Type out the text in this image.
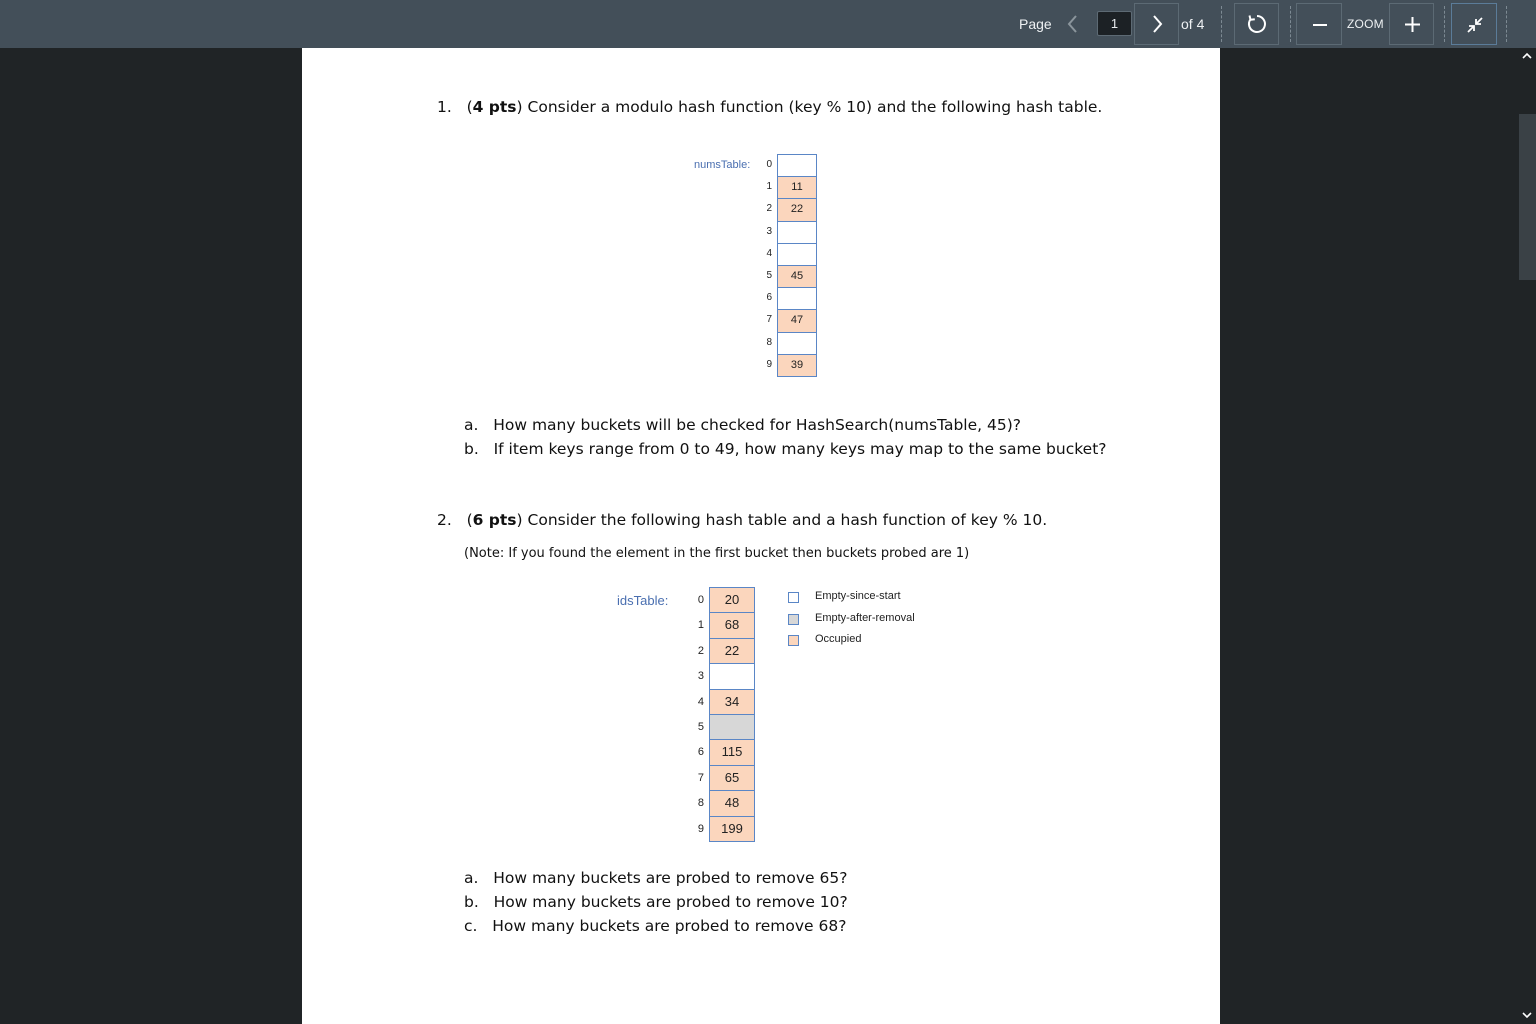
Page	1	of 4	ZOOM
1.   (4 pts) Consider a modulo hash function (key % 10) and the following hash table.
numsTable:	0
1	11
2	22
3
4
5	45
6
7	47
8
9	39
a. How many buckets will be checked for HashSearch(numsTable, 45)?
b. If item keys range from 0 to 49, how many keys may map to the same bucket?
2.   (6 pts) Consider the following hash table and a hash function of key % 10.
(Note: If you found the element in the first bucket then buckets probed are 1)
idsTable:	0	20
1	68
2	22
3
4	34
5
6	115
7	65
8	48
9	199
Empty-since-start
Empty-after-removal
Occupied
a. How many buckets are probed to remove 65?
b. How many buckets are probed to remove 10?
c. How many buckets are probed to remove 68?
